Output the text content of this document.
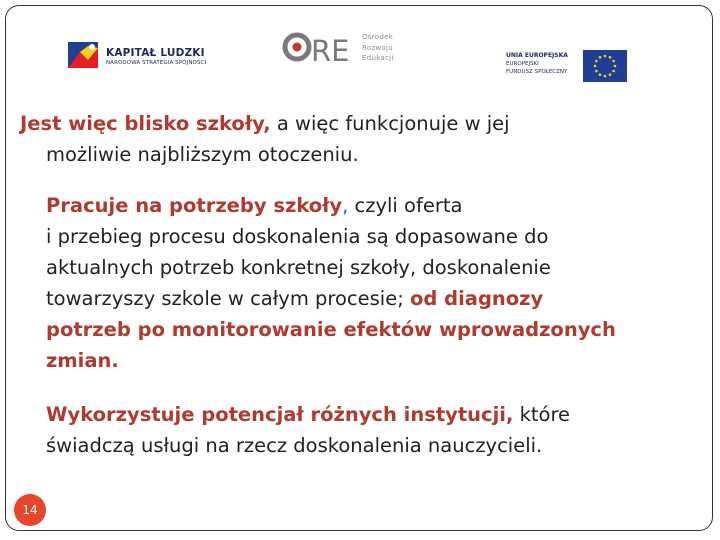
KAPITAŁ LUDZKI
NARODOWA STRATEGIA SPÓJNOŚCI	RE Ośrodek
Rozwoju
Edukacji	UNIA EUROPEJSKA
EUROPEJSKI
FUNDUSZ SPOŁECZNY
Jest więc blisko szkoły, a więc funkcjonuje w jej
możliwie najbliższym otoczeniu.
Pracuje na potrzeby szkoły, czyli oferta
i przebieg procesu doskonalenia są dopasowane do
aktualnych potrzeb konkretnej szkoły, doskonalenie
towarzyszy szkole w całym procesie; od diagnozy
potrzeb po monitorowanie efektów wprowadzonych
zmian.
Wykorzystuje potencjał różnych instytucji, które
świadczą usługi na rzecz doskonalenia nauczycieli.
14
